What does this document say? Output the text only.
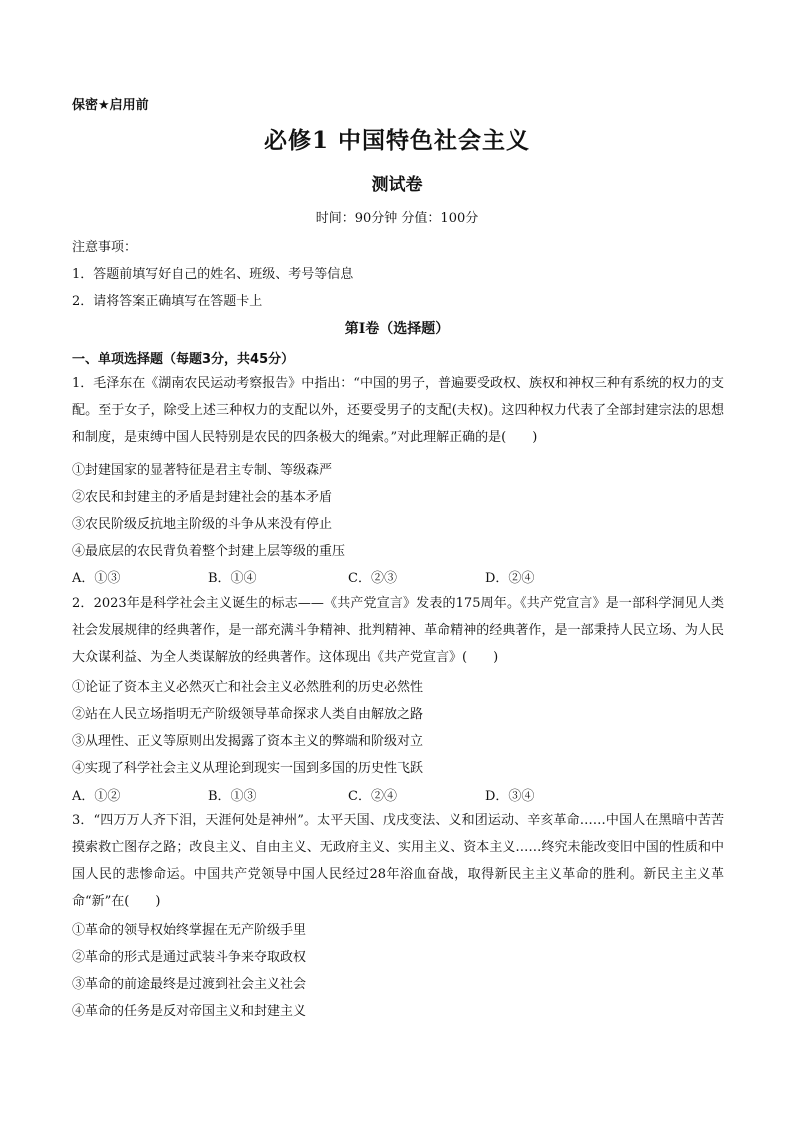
保密★启用前
必修1 中国特色社会主义
测试卷
时间：90分钟 分值：100分
注意事项：
1．答题前填写好自己的姓名、班级、考号等信息
2．请将答案正确填写在答题卡上
第I卷（选择题）
一、单项选择题（每题3分，共45分）
1．毛泽东在《湖南农民运动考察报告》中指出：“中国的男子，普遍要受政权、族权和神权三种有系统的权力的支配。至于女子，除受上述三种权力的支配以外，还要受男子的支配(夫权)。这四种权力代表了全部封建宗法的思想和制度，是束缚中国人民特别是农民的四条极大的绳索。”对此理解正确的是(　　)
①封建国家的显著特征是君主专制、等级森严
②农民和封建主的矛盾是封建社会的基本矛盾
③农民阶级反抗地主阶级的斗争从来没有停止
④最底层的农民背负着整个封建上层等级的重压
A．①③	B．①④	C．②③	D．②④
2．2023年是科学社会主义诞生的标志——《共产党宣言》发表的175周年。《共产党宣言》是一部科学洞见人类社会发展规律的经典著作，是一部充满斗争精神、批判精神、革命精神的经典著作，是一部秉持人民立场、为人民大众谋利益、为全人类谋解放的经典著作。这体现出《共产党宣言》(　　)
①论证了资本主义必然灭亡和社会主义必然胜利的历史必然性
②站在人民立场指明无产阶级领导革命探求人类自由解放之路
③从理性、正义等原则出发揭露了资本主义的弊端和阶级对立
④实现了科学社会主义从理论到现实一国到多国的历史性飞跃
A．①②	B．①③	C．②④	D．③④
3．“四万万人齐下泪，天涯何处是神州”。太平天国、戊戌变法、义和团运动、辛亥革命……中国人在黑暗中苦苦摸索救亡图存之路；改良主义、自由主义、无政府主义、实用主义、资本主义……终究未能改变旧中国的性质和中国人民的悲惨命运。中国共产党领导中国人民经过28年浴血奋战，取得新民主主义革命的胜利。新民主主义革命“新”在(　　)
①革命的领导权始终掌握在无产阶级手里
②革命的形式是通过武装斗争来夺取政权
③革命的前途最终是过渡到社会主义社会
④革命的任务是反对帝国主义和封建主义
